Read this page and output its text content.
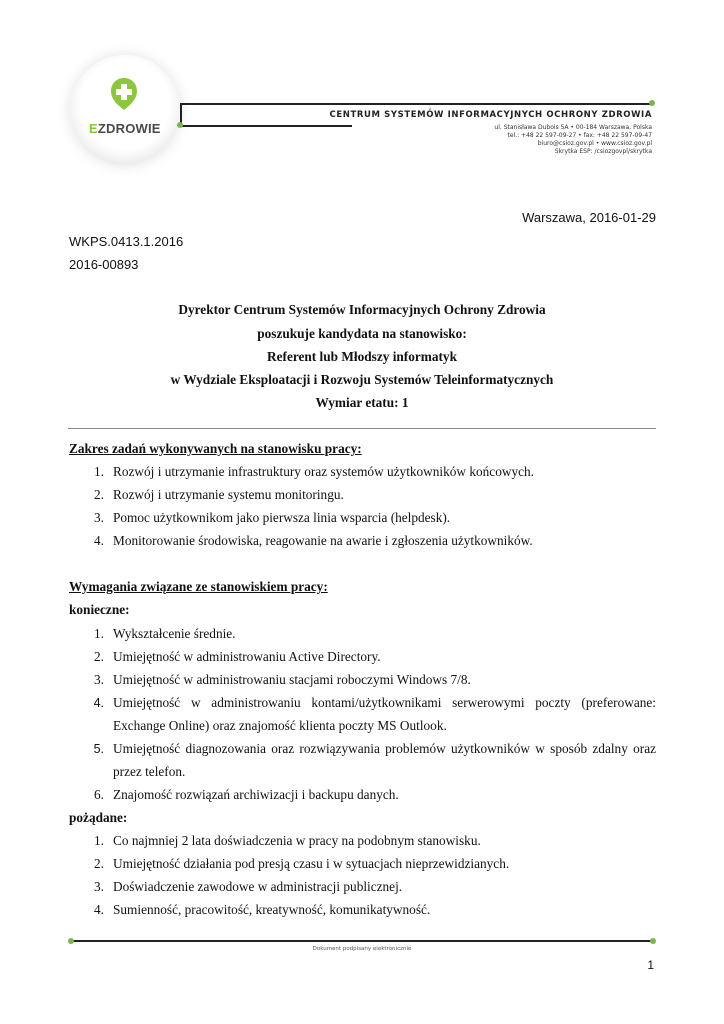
EZDROWIE
CENTRUM SYSTEMÓW INFORMACYJNYCH OCHRONY ZDROWIA
ul. Stanisława Dubois 5A • 00-184 Warszawa, Polska
tel.: +48 22 597-09-27 • fax: +48 22 597-09-47
biuro@csioz.gov.pl • www.csioz.gov.pl
Skrytka ESP: /csiozgovpl/skrytka
Warszawa, 2016-01-29
WKPS.0413.1.2016
2016-00893
Dyrektor Centrum Systemów Informacyjnych Ochrony Zdrowia
poszukuje kandydata na stanowisko:
Referent lub Młodszy informatyk
w Wydziale Eksploatacji i Rozwoju Systemów Teleinformatycznych
Wymiar etatu: 1
Zakres zadań wykonywanych na stanowisku pracy:
1. Rozwój i utrzymanie infrastruktury oraz systemów użytkowników końcowych.
2. Rozwój i utrzymanie systemu monitoringu.
3. Pomoc użytkownikom jako pierwsza linia wsparcia (helpdesk).
4. Monitorowanie środowiska, reagowanie na awarie i zgłoszenia użytkowników.
Wymagania związane ze stanowiskiem pracy:
konieczne:
1. Wykształcenie średnie.
2. Umiejętność w administrowaniu Active Directory.
3. Umiejętność w administrowaniu stacjami roboczymi Windows 7/8.
4. Umiejętność w administrowaniu kontami/użytkownikami serwerowymi poczty (preferowane:
Exchange Online) oraz znajomość klienta poczty MS Outlook.
5. Umiejętność diagnozowania oraz rozwiązywania problemów użytkowników w sposób zdalny oraz
przez telefon.
6. Znajomość rozwiązań archiwizacji i backupu danych.
pożądane:
1. Co najmniej 2 lata doświadczenia w pracy na podobnym stanowisku.
2. Umiejętność działania pod presją czasu i w sytuacjach nieprzewidzianych.
3. Doświadczenie zawodowe w administracji publicznej.
4. Sumienność, pracowitość, kreatywność, komunikatywność.
Dokument podpisany elektronicznie
1
